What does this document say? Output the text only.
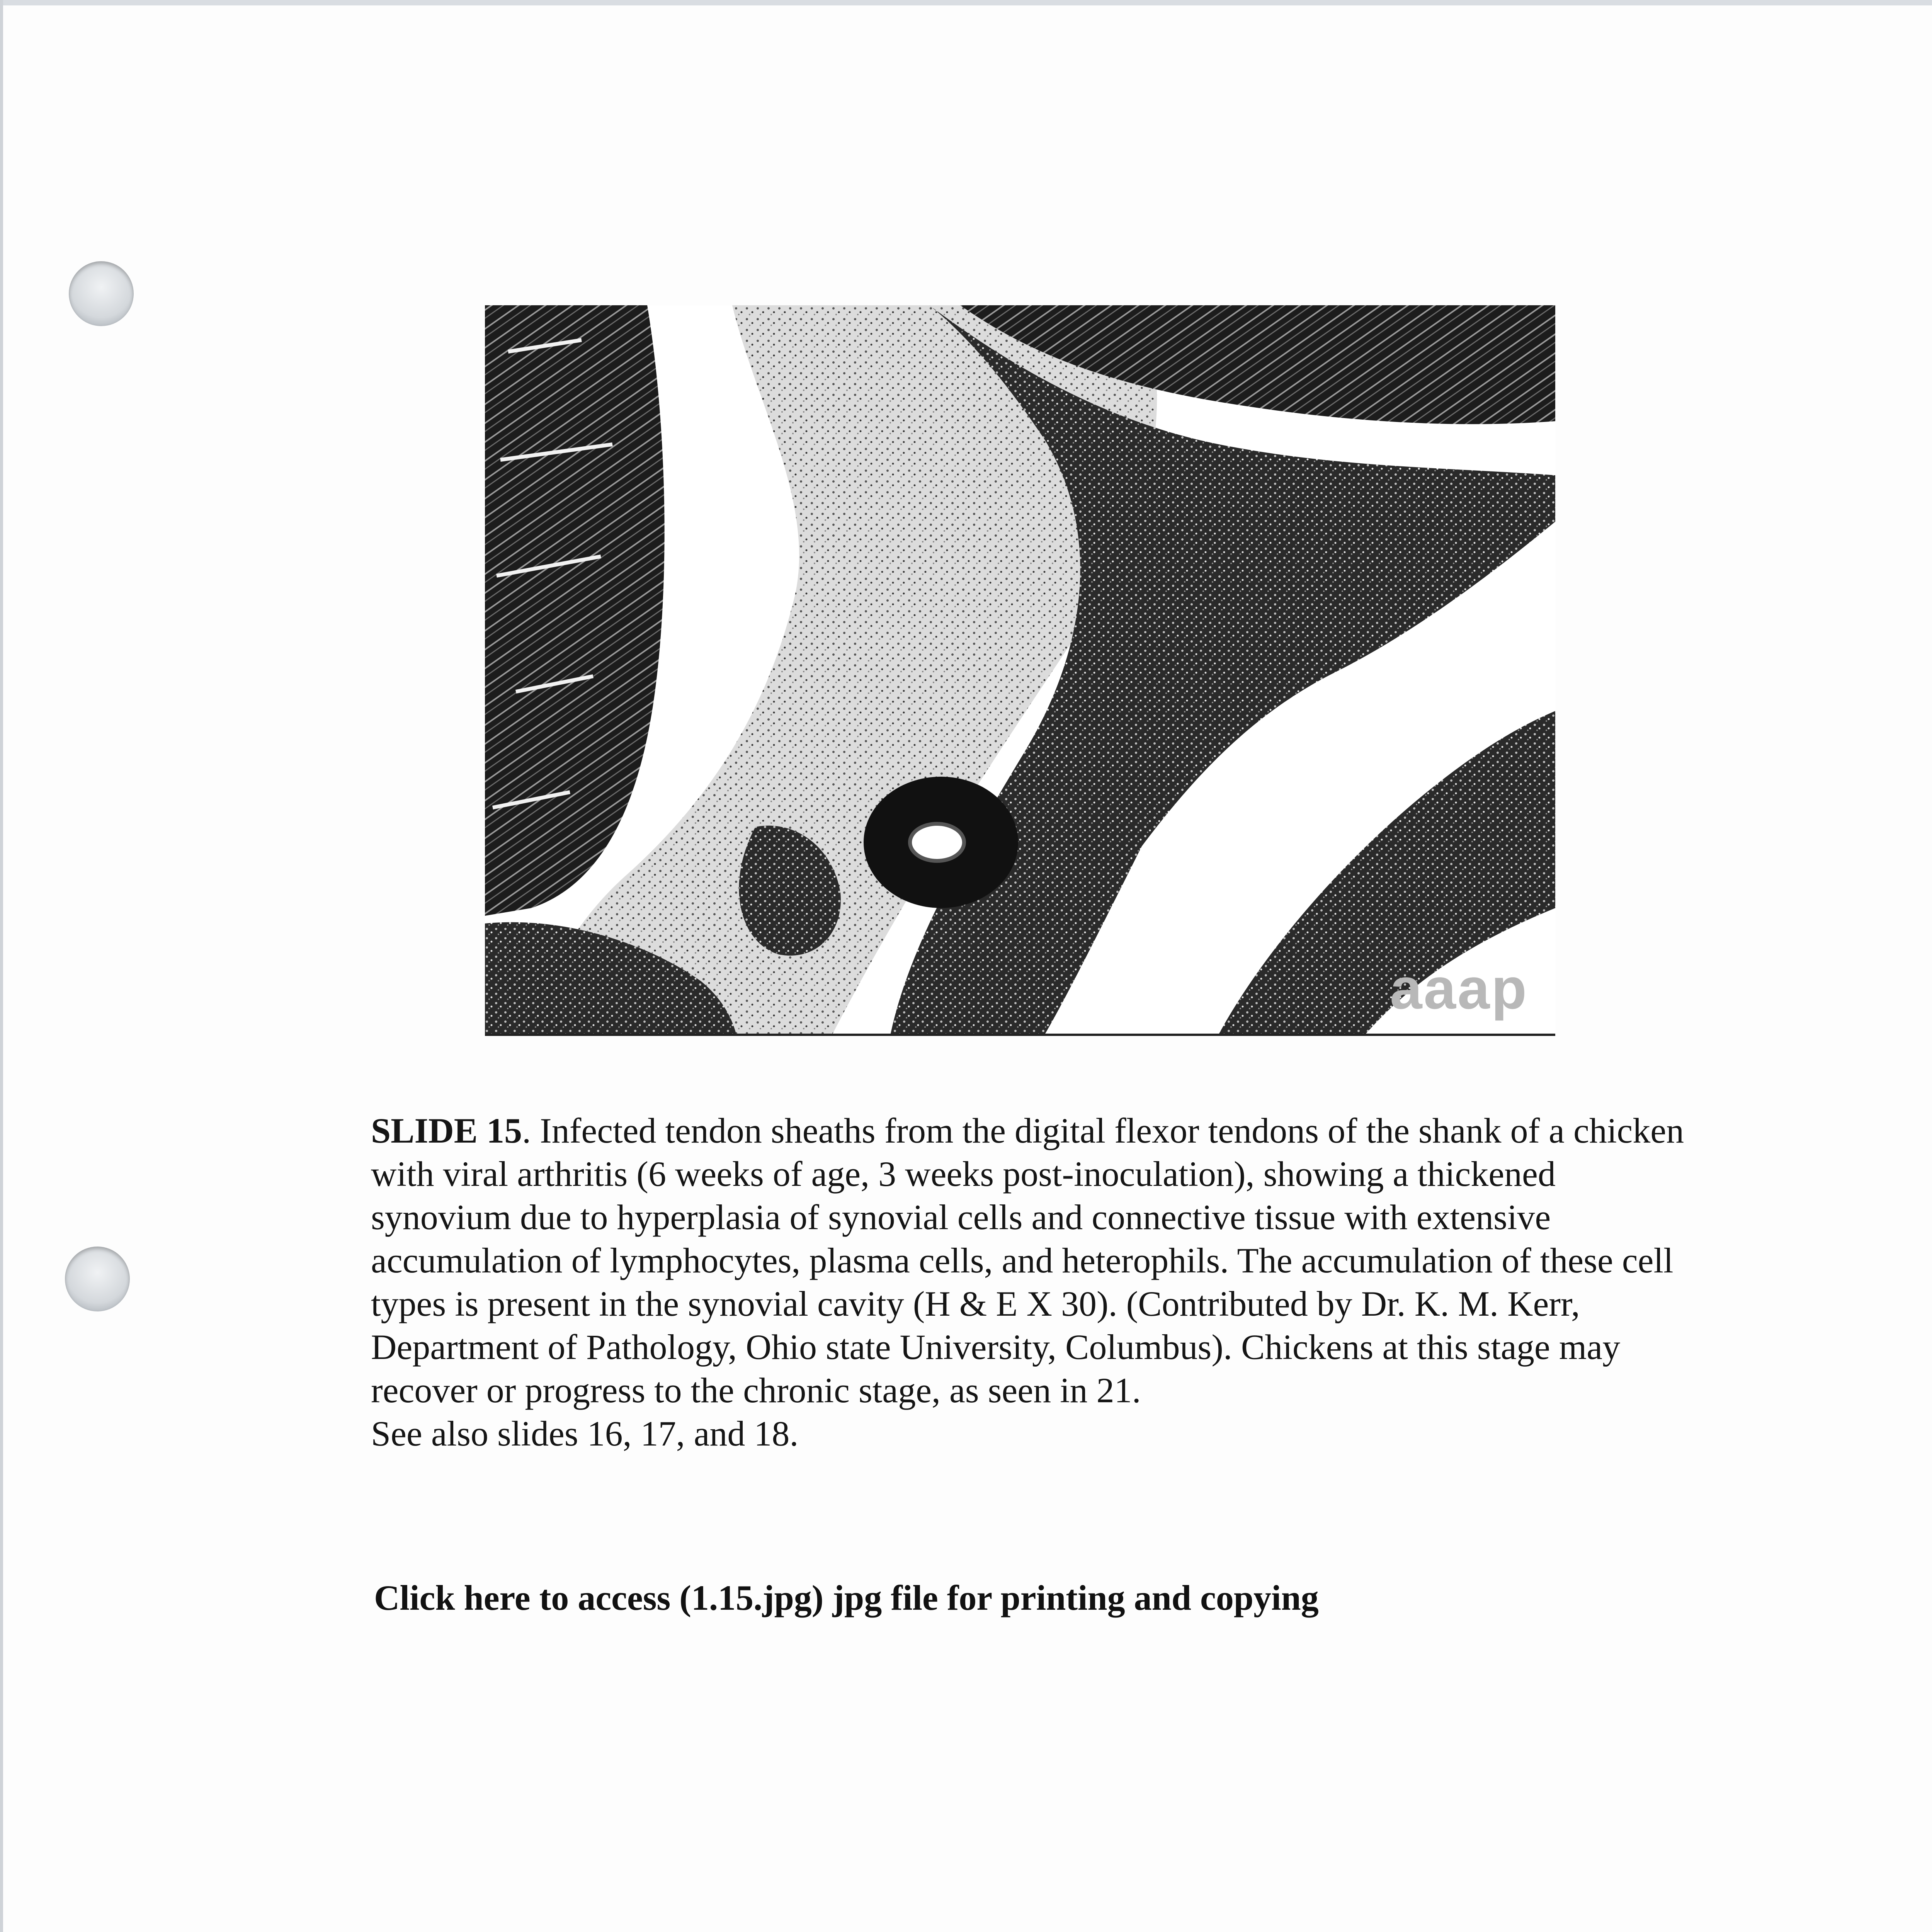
aaap

SLIDE 15. Infected tendon sheaths from the digital flexor tendons of the shank of a chicken with viral arthritis (6 weeks of age, 3 weeks post-inoculation), showing a thickened synovium due to hyperplasia of synovial cells and connective tissue with extensive accumulation of lymphocytes, plasma cells, and heterophils. The accumulation of these cell types is present in the synovial cavity (H & E X 30). (Contributed by Dr. K. M. Kerr, Department of Pathology, Ohio state University, Columbus). Chickens at this stage may recover or progress to the chronic stage, as seen in 21.

See also slides 16, 17, and 18.

Click here to access (1.15.jpg) jpg file for printing and copying
